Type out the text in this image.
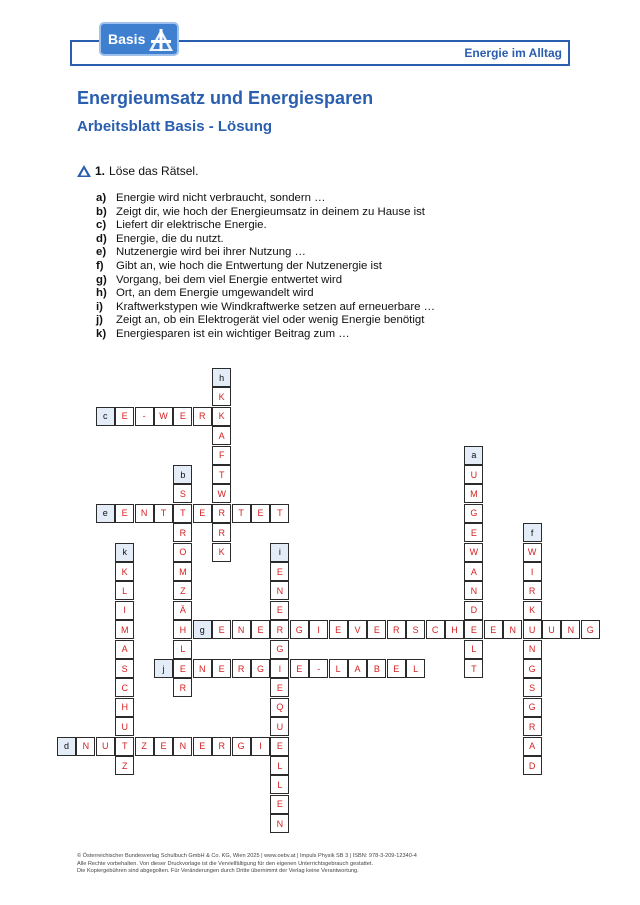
Basis
Energie im Alltag
Energieumsatz und Energiesparen
Arbeitsblatt Basis - Lösung
1. Löse das Rätsel.
a) Energie wird nicht verbraucht, sondern …
b) Zeigt dir, wie hoch der Energieumsatz in deinem zu Hause ist
c) Liefert dir elektrische Energie.
d) Energie, die du nutzt.
e) Nutzenergie wird bei ihrer Nutzung …
f)	Gibt an, wie hoch die Entwertung der Nutzenergie ist
g) Vorgang, bei dem viel Energie entwertet wird
h) Ort, an dem Energie umgewandelt wird
i)	Kraftwerkstypen wie Windkraftwerke setzen auf erneuerbare …
j)	Zeigt an, ob ein Elektrogerät viel oder wenig Energie benötigt
k) Energiesparen ist ein wichtiger Beitrag zum …
a
b
c
d
e
f
g
h
i
j
k
U
M
G
E
W
A
N
D
E
L
T
S
T
R
O
M
Z
Ä
H
L
E
R
E	-	W	E	R	K
N	U	T	Z	E	N	E	R	G	I	E
E	N	T	E	R	T	E	T
W
I
R
K
U
N
G
S
G
R
A
D
E	N	E	R	G	I	E	V	E	R	S	C	H	E	N	U	N	G
K
A
F
T
W
R
K
E
N
E
G
I
E
Q
U
L
L
E
N
N	E	R	G	E	-	L	A	B	E	L
K
L
I
M
A
S
C
H
U
Z
© Österreichischer Bundesverlag Schulbuch GmbH & Co. KG, Wien 2025 | www.oebv.at | Impuls Physik SB 3 | ISBN: 978-3-209-12340-4
Alle Rechte vorbehalten. Von dieser Druckvorlage ist die Vervielfältigung für den eigenen Unterrichtsgebrauch gestattet.
Die Kopiergebühren sind abgegolten. Für Veränderungen durch Dritte übernimmt der Verlag keine Verantwortung.
